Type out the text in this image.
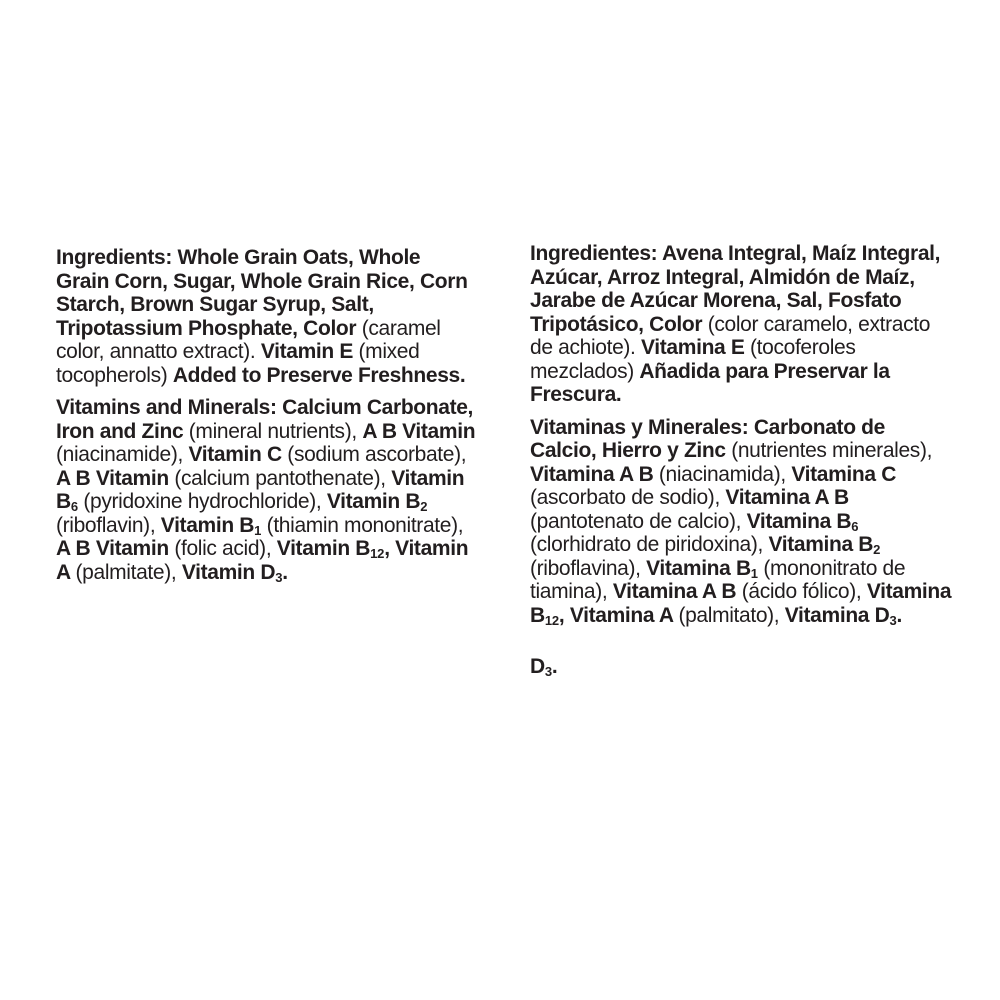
Ingredients: Whole Grain Oats, Whole Grain Corn, Sugar, Whole Grain Rice, Corn Starch, Brown Sugar Syrup, Salt, Tripotassium Phosphate, Color (caramel color, annatto extract). Vitamin E (mixed tocopherols) Added to Preserve Freshness.

Vitamins and Minerals: Calcium Carbonate, Iron and Zinc (mineral nutrients), A B Vitamin (niacinamide), Vitamin C (sodium ascorbate), A B Vitamin (calcium pantothenate), Vitamin $B_6$ (pyridoxine hydrochloride), Vitamin $B_2$ (riboflavin), Vitamin $B_1$ (thiamin mononitrate), A B Vitamin (folic acid), Vitamin $B_{12}$, Vitamin A (palmitate), Vitamin $D_3$.

Ingredientes: Avena Integral, Maíz Integral, Azúcar, Arroz Integral, Almidón de Maíz, Jarabe de Azúcar Morena, Sal, Fosfato Tripotásico, Color (color caramelo, extracto de achiote). Vitamina E (tocoferoles mezclados) Añadida para Preservar la Frescura.

Vitaminas y Minerales: Carbonato de Calcio, Hierro y Zinc (nutrientes minerales), Vitamina A B (niacinamida), Vitamina C (ascorbato de sodio), Vitamina A B (pantotenato de calcio), Vitamina $B_6$ (clorhidrato de piridoxina), Vitamina $B_2$ (riboflavina), Vitamina $B_1$ (mononitrato de tiamina), Vitamina A B (ácido fólico), Vitamina $B_{12}$, Vitamina A (palmitato), Vitamina $D_3$.

$D_3$.
